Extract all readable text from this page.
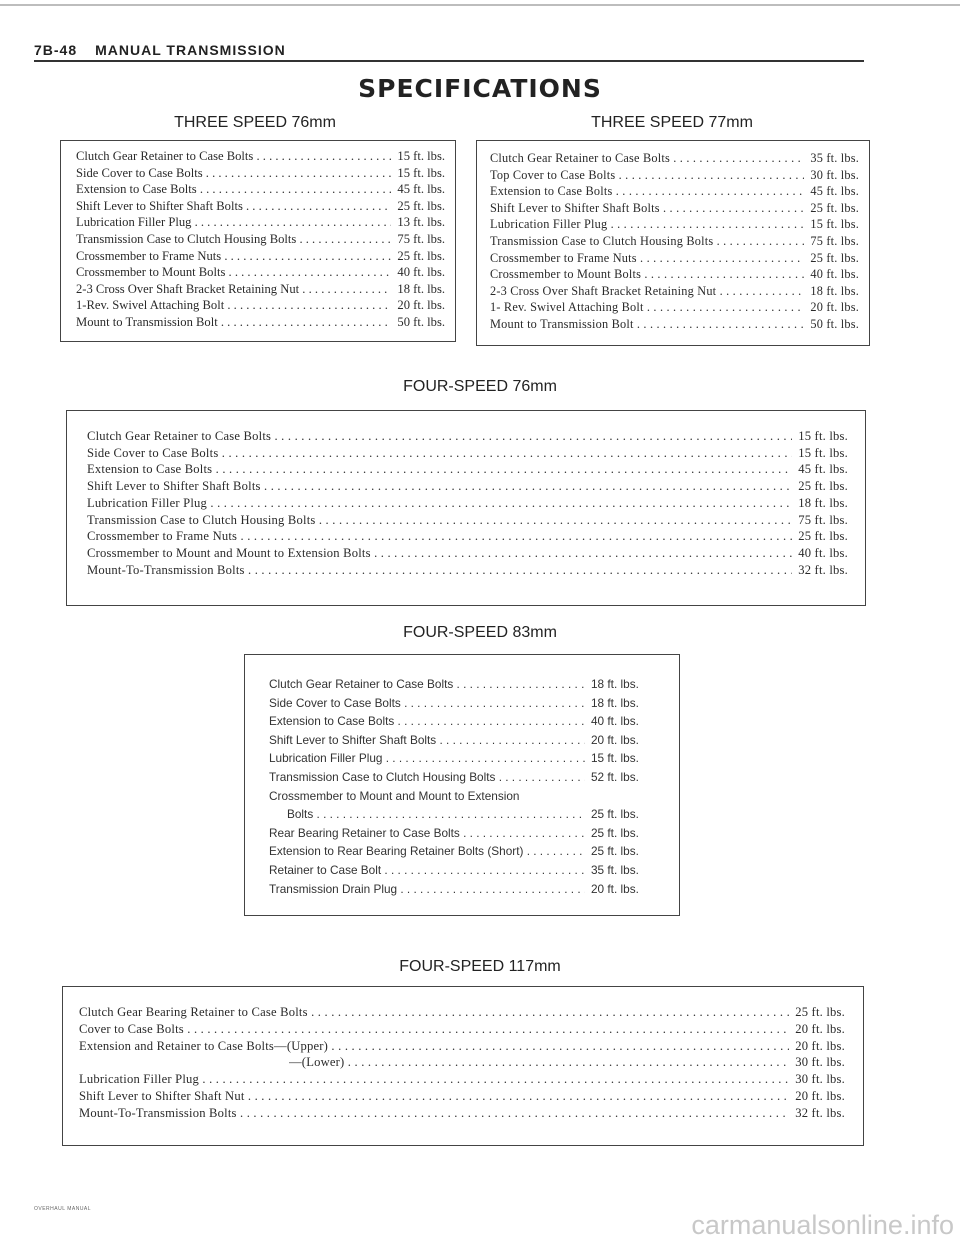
7B-48 MANUAL TRANSMISSION
SPECIFICATIONS
THREE SPEED 76mm
Clutch Gear Retainer to Case Bolts . . .	15 ft. lbs.
Side Cover to Case Bolts . . .	15 ft. lbs.
Extension to Case Bolts . . .	45 ft. lbs.
Shift Lever to Shifter Shaft Bolts . . .	25 ft. lbs.
Lubrication Filler Plug . . .	13 ft. lbs.
Transmission Case to Clutch Housing Bolts . . .	75 ft. lbs.
Crossmember to Frame Nuts . . .	25 ft. lbs.
Crossmember to Mount Bolts . . .	40 ft. lbs.
2-3 Cross Over Shaft Bracket Retaining Nut . . .	18 ft. lbs.
1-Rev. Swivel Attaching Bolt . . .	20 ft. lbs.
Mount to Transmission Bolt . . .	50 ft. lbs.
THREE SPEED 77mm
Clutch Gear Retainer to Case Bolts . . .	35 ft. lbs.
Top Cover to Case Bolts . . .	30 ft. lbs.
Extension to Case Bolts . . .	45 ft. lbs.
Shift Lever to Shifter Shaft Bolts . . .	25 ft. lbs.
Lubrication Filler Plug . . .	15 ft. lbs.
Transmission Case to Clutch Housing Bolts . . .	75 ft. lbs.
Crossmember to Frame Nuts . . .	25 ft. lbs.
Crossmember to Mount Bolts . . .	40 ft. lbs.
2-3 Cross Over Shaft Bracket Retaining Nut . . .	18 ft. lbs.
1- Rev. Swivel Attaching Bolt . . .	20 ft. lbs.
Mount to Transmission Bolt . . .	50 ft. lbs.
FOUR-SPEED 76mm
Clutch Gear Retainer to Case Bolts . . .	15 ft. lbs.
Side Cover to Case Bolts . . .	15 ft. lbs.
Extension to Case Bolts . . .	45 ft. lbs.
Shift Lever to Shifter Shaft Bolts . . .	25 ft. lbs.
Lubrication Filler Plug . . .	18 ft. lbs.
Transmission Case to Clutch Housing Bolts . . .	75 ft. lbs.
Crossmember to Frame Nuts . . .	25 ft. lbs.
Crossmember to Mount and Mount to Extension Bolts . . .	40 ft. lbs.
Mount-To-Transmission Bolts . . .	32 ft. lbs.
FOUR-SPEED 83mm
Clutch Gear Retainer to Case Bolts . . .	18 ft. lbs.
Side Cover to Case Bolts . . .	18 ft. lbs.
Extension to Case Bolts . . .	40 ft. lbs.
Shift Lever to Shifter Shaft Bolts . . .	20 ft. lbs.
Lubrication Filler Plug . . .	15 ft. lbs.
Transmission Case to Clutch Housing Bolts . . .	52 ft. lbs.
Crossmember to Mount and Mount to Extension
Bolts . . .	25 ft. lbs.
Rear Bearing Retainer to Case Bolts . . .	25 ft. lbs.
Extension to Rear Bearing Retainer Bolts (Short) . . .	25 ft. lbs.
Retainer to Case Bolt . . .	35 ft. lbs.
Transmission Drain Plug . . .	20 ft. lbs.
FOUR-SPEED 117mm
Clutch Gear Bearing Retainer to Case Bolts . . .	25 ft. lbs.
Cover to Case Bolts . . .	20 ft. lbs.
Extension and Retainer to Case Bolts—(Upper) . . .	20 ft. lbs.
—(Lower) . . .	30 ft. lbs.
Lubrication Filler Plug . . .	30 ft. lbs.
Shift Lever to Shifter Shaft Nut . . .	20 ft. lbs.
Mount-To-Transmission Bolts . . .	32 ft. lbs.
OVERHAUL MANUAL
carmanualsonline.info
